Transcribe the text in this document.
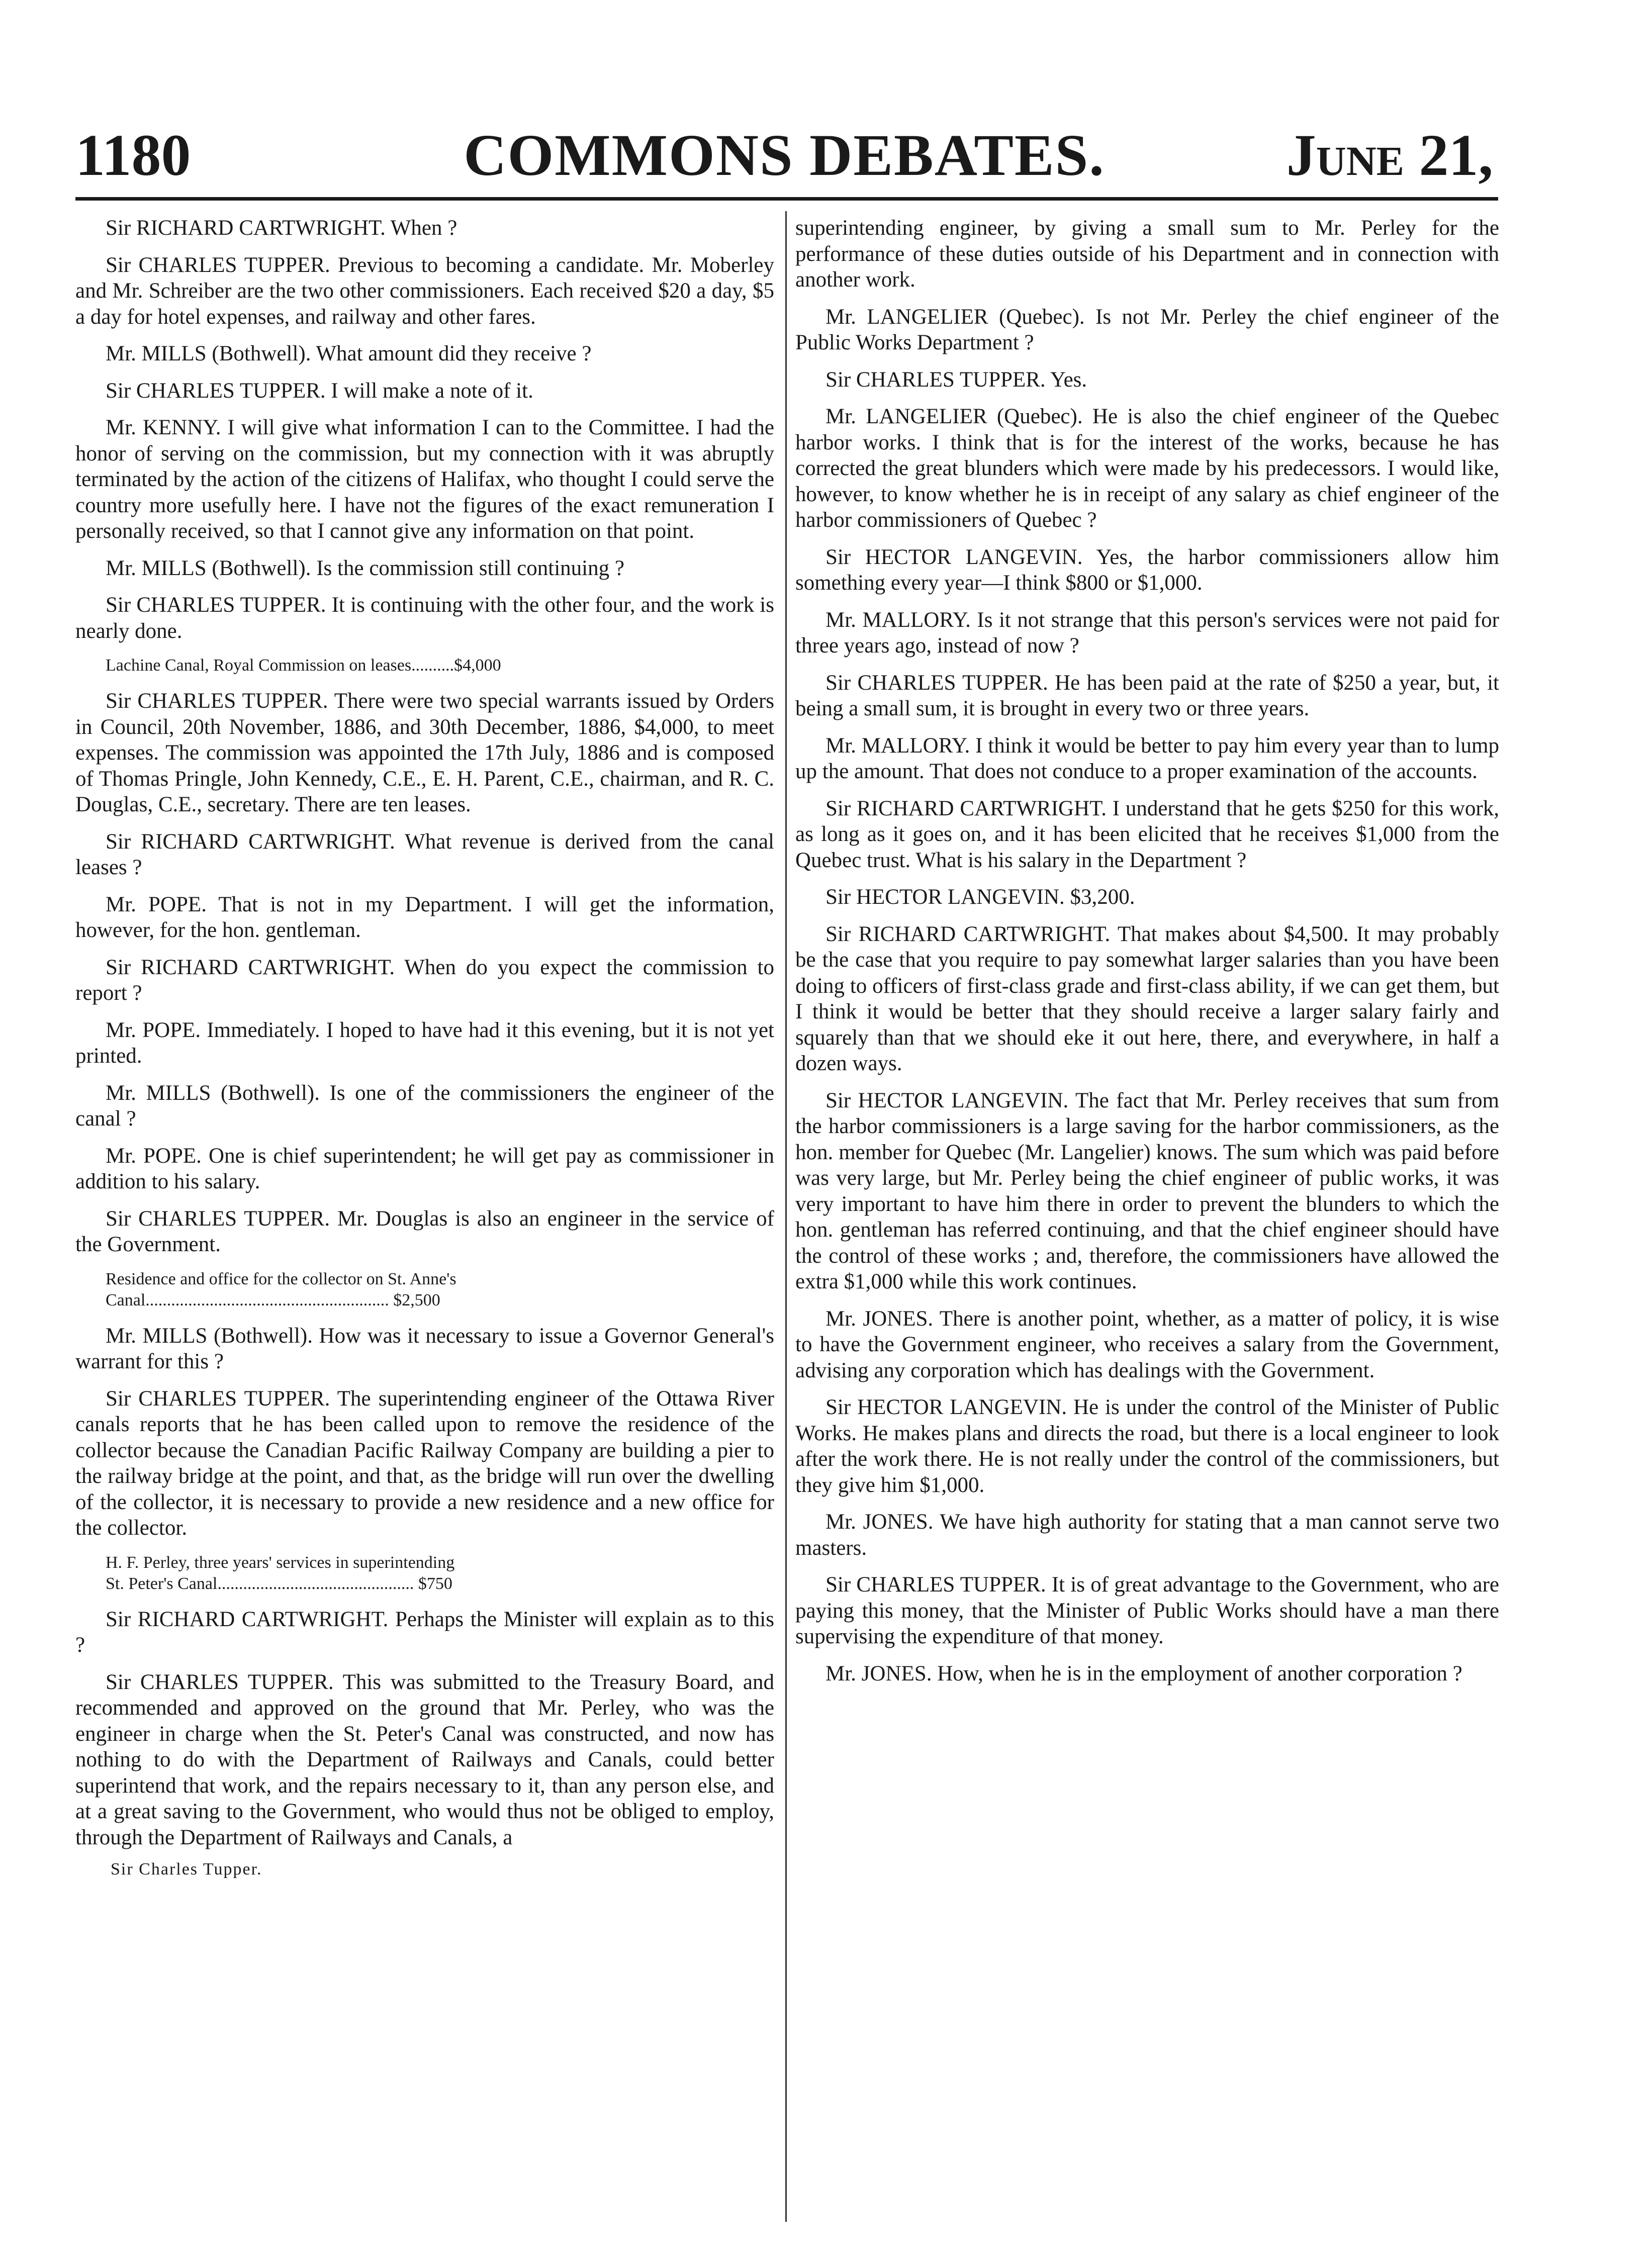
1180	COMMONS DEBATES.	June 21,

Sir RICHARD CARTWRIGHT. When ?

Sir CHARLES TUPPER. Previous to becoming a candidate. Mr. Moberley and Mr. Schreiber are the two other commissioners. Each received $20 a day, $5 a day for hotel expenses, and railway and other fares.

Mr. MILLS (Bothwell). What amount did they receive ?

Sir CHARLES TUPPER. I will make a note of it.

Mr. KENNY. I will give what information I can to the Committee. I had the honor of serving on the commission, but my connection with it was abruptly terminated by the action of the citizens of Halifax, who thought I could serve the country more usefully here. I have not the figures of the exact remuneration I personally received, so that I cannot give any information on that point.

Mr. MILLS (Bothwell). Is the commission still continuing ?

Sir CHARLES TUPPER. It is continuing with the other four, and the work is nearly done.

Lachine Canal, Royal Commission on leases..........$4,000

Sir CHARLES TUPPER. There were two special warrants issued by Orders in Council, 20th November, 1886, and 30th December, 1886, $4,000, to meet expenses. The commission was appointed the 17th July, 1886 and is composed of Thomas Pringle, John Kennedy, C.E., E. H. Parent, C.E., chairman, and R. C. Douglas, C.E., secretary. There are ten leases.

Sir RICHARD CARTWRIGHT. What revenue is derived from the canal leases ?

Mr. POPE. That is not in my Department. I will get the information, however, for the hon. gentleman.

Sir RICHARD CARTWRIGHT. When do you expect the commission to report ?

Mr. POPE. Immediately. I hoped to have had it this evening, but it is not yet printed.

Mr. MILLS (Bothwell). Is one of the commissioners the engineer of the canal ?

Mr. POPE. One is chief superintendent; he will get pay as commissioner in addition to his salary.

Sir CHARLES TUPPER. Mr. Douglas is also an engineer in the service of the Government.

Residence and office for the collector on St. Anne's
Canal......................................................... $2,500

Mr. MILLS (Bothwell). How was it necessary to issue a Governor General's warrant for this ?

Sir CHARLES TUPPER. The superintending engineer of the Ottawa River canals reports that he has been called upon to remove the residence of the collector because the Canadian Pacific Railway Company are building a pier to the railway bridge at the point, and that, as the bridge will run over the dwelling of the collector, it is necessary to provide a new residence and a new office for the collector.

H. F. Perley, three years' services in superintending
St. Peter's Canal.............................................. $750

Sir RICHARD CARTWRIGHT. Perhaps the Minister will explain as to this ?

Sir CHARLES TUPPER. This was submitted to the Treasury Board, and recommended and approved on the ground that Mr. Perley, who was the engineer in charge when the St. Peter's Canal was constructed, and now has nothing to do with the Department of Railways and Canals, could better superintend that work, and the repairs necessary to it, than any person else, and at a great saving to the Government, who would thus not be obliged to employ, through the Department of Railways and Canals, a

Sir Charles Tupper.

superintending engineer, by giving a small sum to Mr. Perley for the performance of these duties outside of his Department and in connection with another work.

Mr. LANGELIER (Quebec). Is not Mr. Perley the chief engineer of the Public Works Department ?

Sir CHARLES TUPPER. Yes.

Mr. LANGELIER (Quebec). He is also the chief engineer of the Quebec harbor works. I think that is for the interest of the works, because he has corrected the great blunders which were made by his predecessors. I would like, however, to know whether he is in receipt of any salary as chief engineer of the harbor commissioners of Quebec ?

Sir HECTOR LANGEVIN. Yes, the harbor commissioners allow him something every year—I think $800 or $1,000.

Mr. MALLORY. Is it not strange that this person's services were not paid for three years ago, instead of now ?

Sir CHARLES TUPPER. He has been paid at the rate of $250 a year, but, it being a small sum, it is brought in every two or three years.

Mr. MALLORY. I think it would be better to pay him every year than to lump up the amount. That does not conduce to a proper examination of the accounts.

Sir RICHARD CARTWRIGHT. I understand that he gets $250 for this work, as long as it goes on, and it has been elicited that he receives $1,000 from the Quebec trust. What is his salary in the Department ?

Sir HECTOR LANGEVIN. $3,200.

Sir RICHARD CARTWRIGHT. That makes about $4,500. It may probably be the case that you require to pay somewhat larger salaries than you have been doing to officers of first-class grade and first-class ability, if we can get them, but I think it would be better that they should receive a larger salary fairly and squarely than that we should eke it out here, there, and everywhere, in half a dozen ways.

Sir HECTOR LANGEVIN. The fact that Mr. Perley receives that sum from the harbor commissioners is a large saving for the harbor commissioners, as the hon. member for Quebec (Mr. Langelier) knows. The sum which was paid before was very large, but Mr. Perley being the chief engineer of public works, it was very important to have him there in order to prevent the blunders to which the hon. gentleman has referred continuing, and that the chief engineer should have the control of these works ; and, therefore, the commissioners have allowed the extra $1,000 while this work continues.

Mr. JONES. There is another point, whether, as a matter of policy, it is wise to have the Government engineer, who receives a salary from the Government, advising any corporation which has dealings with the Government.

Sir HECTOR LANGEVIN. He is under the control of the Minister of Public Works. He makes plans and directs the road, but there is a local engineer to look after the work there. He is not really under the control of the commissioners, but they give him $1,000.

Mr. JONES. We have high authority for stating that a man cannot serve two masters.

Sir CHARLES TUPPER. It is of great advantage to the Government, who are paying this money, that the Minister of Public Works should have a man there supervising the expenditure of that money.

Mr. JONES. How, when he is in the employment of another corporation ?
